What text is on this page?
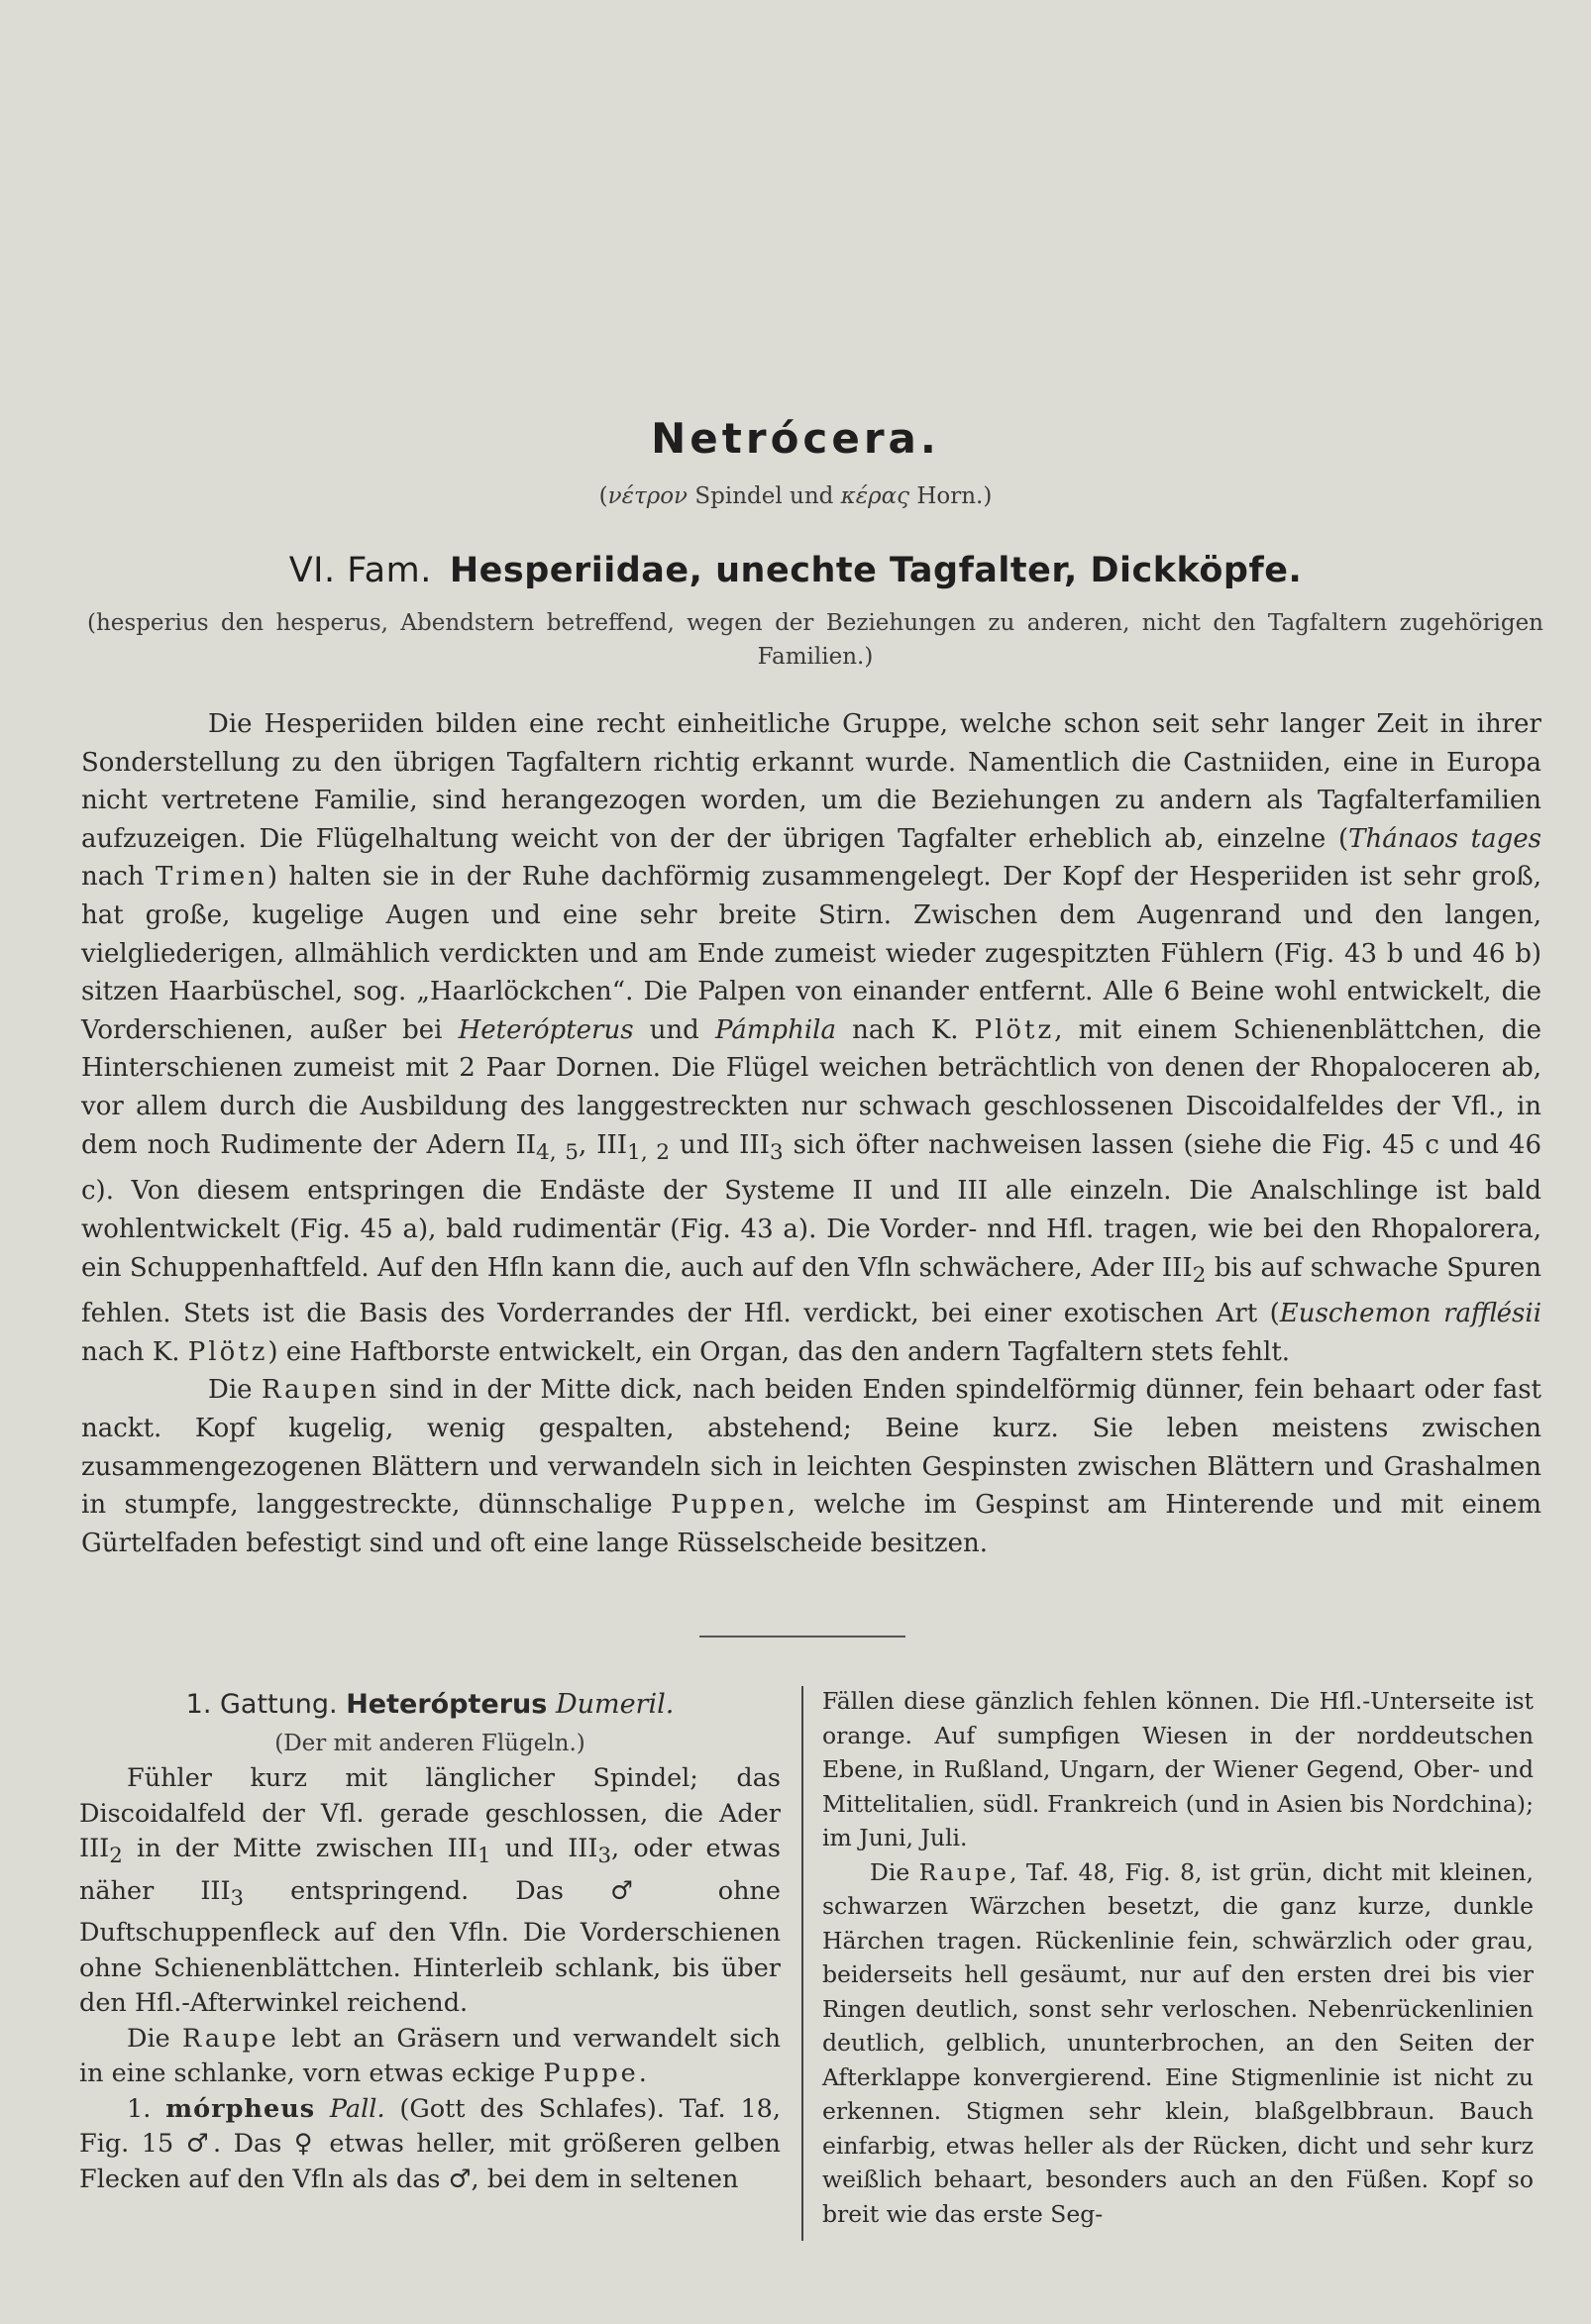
Netrócera.
(νέτρον Spindel und κέρας Horn.)
VI. Fam. Hesperiidae, unechte Tagfalter, Dickköpfe.
(hesperius den hesperus, Abendstern betreffend, wegen der Beziehungen zu anderen, nicht den Tagfaltern zugehörigen Familien.)

Die Hesperiiden bilden eine recht einheitliche Gruppe, welche schon seit sehr langer Zeit in ihrer Sonderstellung zu den übrigen Tagfaltern richtig erkannt wurde. Namentlich die Castniiden, eine in Europa nicht vertretene Familie, sind herangezogen worden, um die Beziehungen zu andern als Tagfalterfamilien aufzuzeigen. Die Flügelhaltung weicht von der der übrigen Tagfalter erheblich ab, einzelne (Thánaos tages nach Trimen) halten sie in der Ruhe dachförmig zusammengelegt. Der Kopf der Hesperiiden ist sehr groß, hat große, kugelige Augen und eine sehr breite Stirn. Zwischen dem Augenrand und den langen, vielgliederigen, allmählich verdickten und am Ende zumeist wieder zugespitzten Fühlern (Fig. 43 b und 46 b) sitzen Haarbüschel, sog. „Haarlöckchen“. Die Palpen von einander entfernt. Alle 6 Beine wohl entwickelt, die Vorderschienen, außer bei Heterópterus und Pámphila nach K. Plötz, mit einem Schienenblättchen, die Hinterschienen zumeist mit 2 Paar Dornen. Die Flügel weichen beträchtlich von denen der Rhopaloceren ab, vor allem durch die Ausbildung des langgestreckten nur schwach geschlossenen Discoidalfeldes der Vfl., in dem noch Rudimente der Adern $II_{4, 5}$, $III_{1, 2}$ und $III_3$ sich öfter nachweisen lassen (siehe die Fig. 45 c und 46 c). Von diesem entspringen die Endäste der Systeme II und III alle einzeln. Die Analschlinge ist bald wohlentwickelt (Fig. 45 a), bald rudimentär (Fig. 43 a). Die Vorder- nnd Hfl. tragen, wie bei den Rhopalorera, ein Schuppenhaftfeld. Auf den Hfln kann die, auch auf den Vfln schwächere, Ader $III_2$ bis auf schwache Spuren fehlen. Stets ist die Basis des Vorderrandes der Hfl. verdickt, bei einer exotischen Art (Euschemon rafflésii nach K. Plötz) eine Haftborste entwickelt, ein Organ, das den andern Tagfaltern stets fehlt.

Die Raupen sind in der Mitte dick, nach beiden Enden spindelförmig dünner, fein behaart oder fast nackt. Kopf kugelig, wenig gespalten, abstehend; Beine kurz. Sie leben meistens zwischen zusammengezogenen Blättern und verwandeln sich in leichten Gespinsten zwischen Blättern und Grashalmen in stumpfe, langgestreckte, dünnschalige Puppen, welche im Gespinst am Hinterende und mit einem Gürtelfaden befestigt sind und oft eine lange Rüsselscheide besitzen.

1. Gattung. Heterópterus Dumeril.
(Der mit anderen Flügeln.)

Fühler kurz mit länglicher Spindel; das Discoidalfeld der Vfl. gerade geschlossen, die Ader $III_2$ in der Mitte zwischen $III_1$ und $III_3$, oder etwas näher $III_3$ entspringend. Das ♂ ohne Duftschuppenfleck auf den Vfln. Die Vorderschienen ohne Schienenblättchen. Hinterleib schlank, bis über den Hfl.-Afterwinkel reichend.

Die Raupe lebt an Gräsern und verwandelt sich in eine schlanke, vorn etwas eckige Puppe.

1. mórpheus Pall. (Gott des Schlafes). Taf. 18, Fig. 15 ♂. Das ♀ etwas heller, mit größeren gelben Flecken auf den Vfln als das ♂, bei dem in seltenen

Fällen diese gänzlich fehlen können. Die Hfl.-Unterseite ist orange. Auf sumpfigen Wiesen in der norddeutschen Ebene, in Rußland, Ungarn, der Wiener Gegend, Ober- und Mittelitalien, südl. Frankreich (und in Asien bis Nordchina); im Juni, Juli.

Die Raupe, Taf. 48, Fig. 8, ist grün, dicht mit kleinen, schwarzen Wärzchen besetzt, die ganz kurze, dunkle Härchen tragen. Rückenlinie fein, schwärzlich oder grau, beiderseits hell gesäumt, nur auf den ersten drei bis vier Ringen deutlich, sonst sehr verloschen. Nebenrückenlinien deutlich, gelblich, ununterbrochen, an den Seiten der Afterklappe konvergierend. Eine Stigmenlinie ist nicht zu erkennen. Stigmen sehr klein, blaßgelbbraun. Bauch einfarbig, etwas heller als der Rücken, dicht und sehr kurz weißlich behaart, besonders auch an den Füßen. Kopf so breit wie das erste Seg-
